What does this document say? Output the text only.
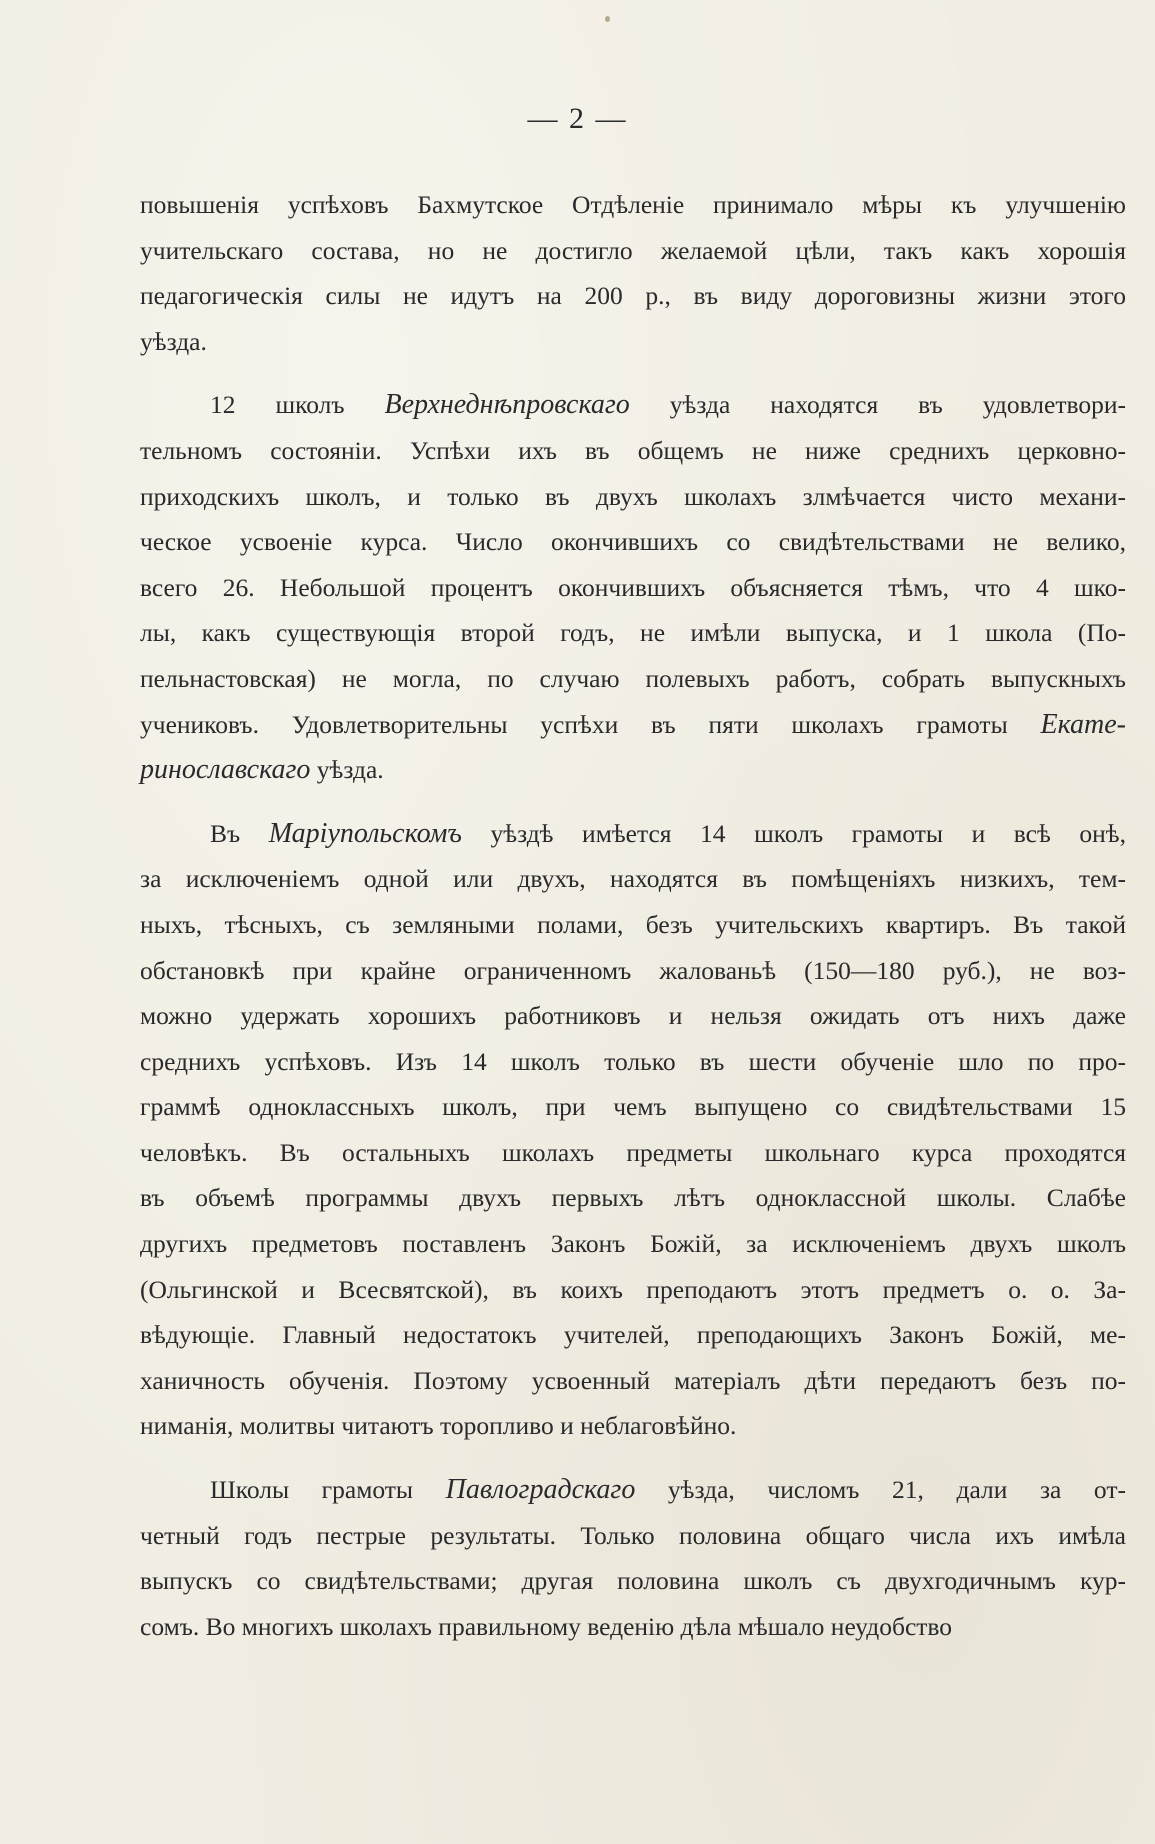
— 2 —
повышенія успѣховъ Бахмутское Отдѣленіе принимало мѣры къ улучшенію
учительскаго состава, но не достигло желаемой цѣли, такъ какъ хорошія
педагогическія силы не идутъ на 200 р., въ виду дороговизны жизни этого
уѣзда.
12 школъ Верхнеднѣпровскаго уѣзда находятся въ удовлетвори-
тельномъ состояніи. Успѣхи ихъ въ общемъ не ниже среднихъ церковно-
приходскихъ школъ, и только въ двухъ школахъ злмѣчается чисто механи-
ческое усвоеніе курса. Число окончившихъ со свидѣтельствами не велико,
всего 26. Небольшой процентъ окончившихъ объясняется тѣмъ, что 4 шко-
лы, какъ существующія второй годъ, не имѣли выпуска, и 1 школа (По-
пельнастовская) не могла, по случаю полевыхъ работъ, собрать выпускныхъ
учениковъ. Удовлетворительны успѣхи въ пяти школахъ грамоты Екате-
ринославскаго уѣзда.
Въ Маріупольскомъ уѣздѣ имѣется 14 школъ грамоты и всѣ онѣ,
за исключеніемъ одной или двухъ, находятся въ помѣщеніяхъ низкихъ, тем-
ныхъ, тѣсныхъ, съ земляными полами, безъ учительскихъ квартиръ. Въ такой
обстановкѣ при крайне ограниченномъ жалованьѣ (150—180 руб.), не воз-
можно удержать хорошихъ работниковъ и нельзя ожидать отъ нихъ даже
среднихъ успѣховъ. Изъ 14 школъ только въ шести обученіе шло по про-
граммѣ одноклассныхъ школъ, при чемъ выпущено со свидѣтельствами 15
человѣкъ. Въ остальныхъ школахъ предметы школьнаго курса проходятся
въ объемѣ программы двухъ первыхъ лѣтъ одноклассной школы. Слабѣе
другихъ предметовъ поставленъ Законъ Божій, за исключеніемъ двухъ школъ
(Ольгинской и Всесвятской), въ коихъ преподаютъ этотъ предметъ о. о. За-
вѣдующіе. Главный недостатокъ учителей, преподающихъ Законъ Божій, ме-
ханичность обученія. Поэтому усвоенный матеріалъ дѣти передаютъ безъ по-
ниманія, молитвы читаютъ торопливо и неблаговѣйно.
Школы грамоты Павлоградскаго уѣзда, числомъ 21, дали за от-
четный годъ пестрые результаты. Только половина общаго числа ихъ имѣла
выпускъ со свидѣтельствами; другая половина школъ съ двухгодичнымъ кур-
сомъ. Во многихъ школахъ правильному веденію дѣла мѣшало неудобство
